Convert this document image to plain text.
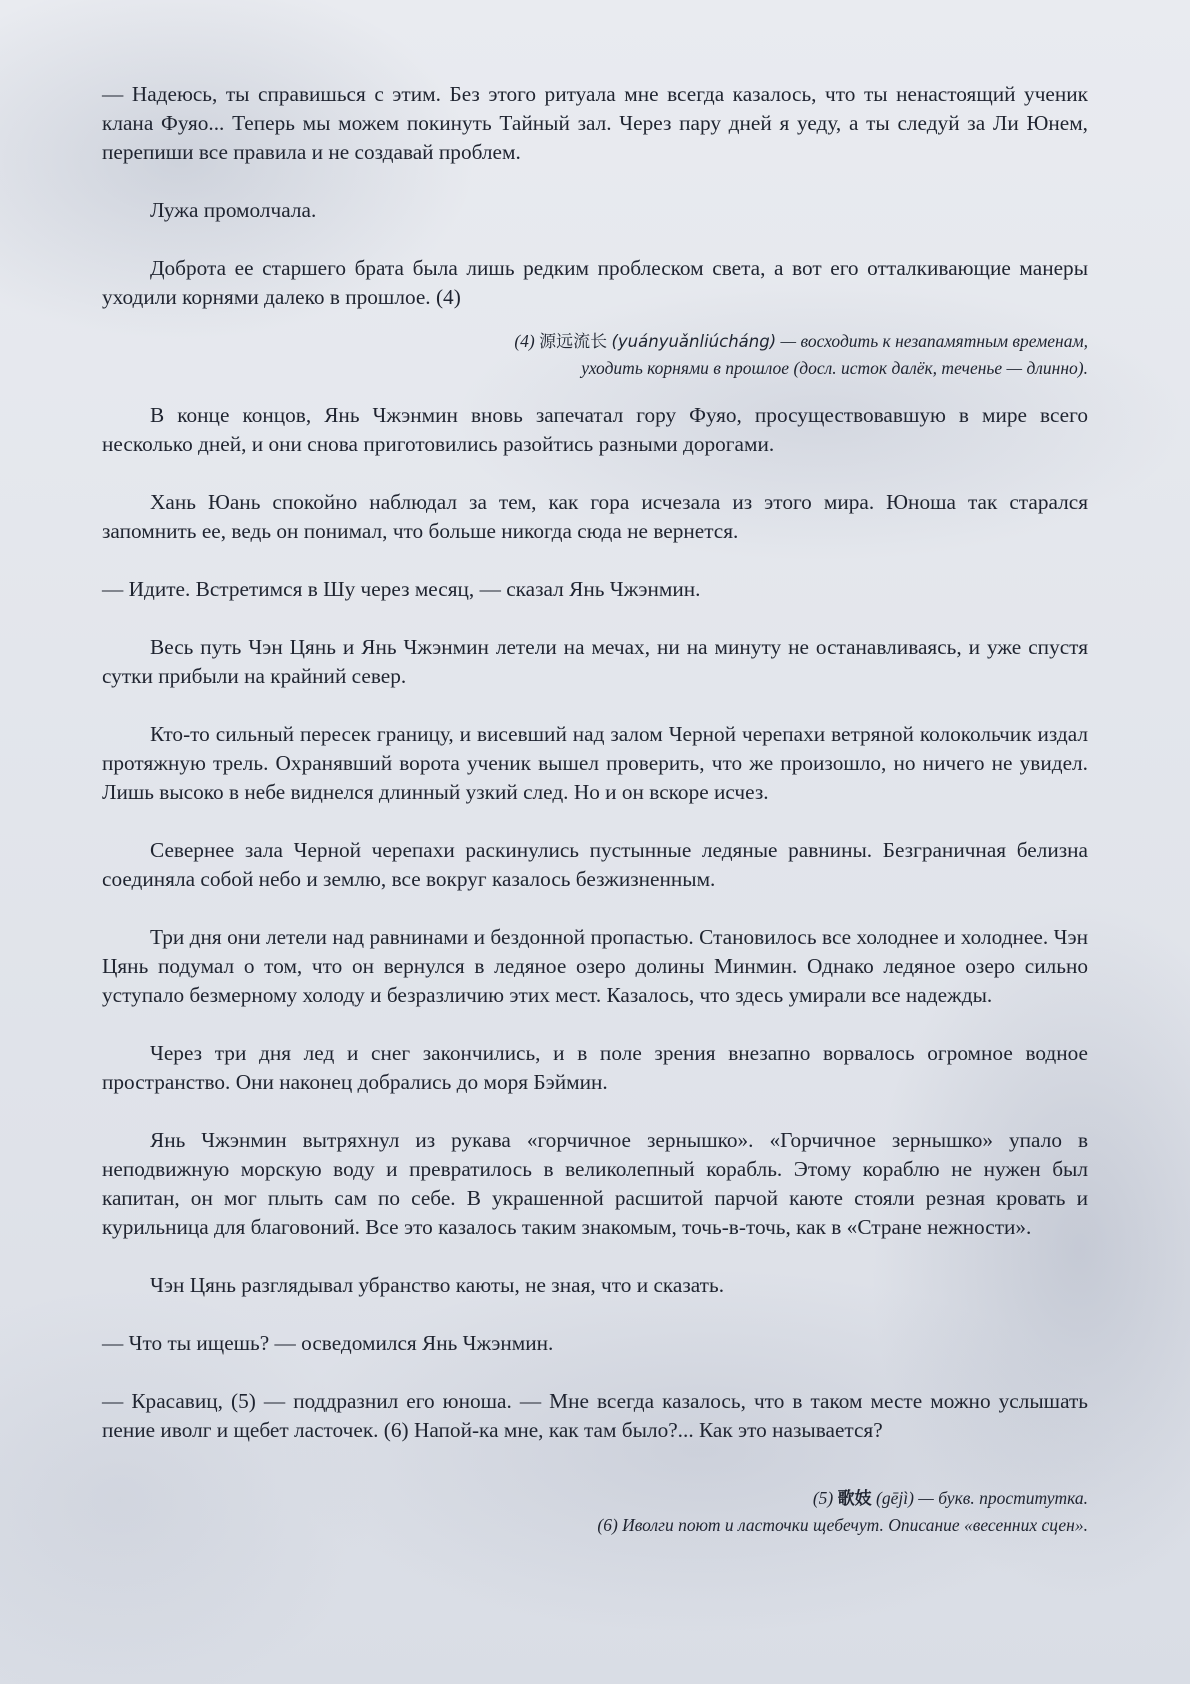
— Надеюсь, ты справишься с этим. Без этого ритуала мне всегда казалось, что ты ненастоящий ученик клана Фуяо... Теперь мы можем покинуть Тайный зал. Через пару дней я уеду, а ты следуй за Ли Юнем, перепиши все правила и не создавай проблем.

Лужа промолчала.

Доброта ее старшего брата была лишь редким проблеском света, а вот его отталкивающие манеры уходили корнями далеко в прошлое. (4)

(4) 源远流长 (yuányuǎnliúcháng) — восходить к незапамятным временам,
уходить корнями в прошлое (досл. исток далёк, теченье — длинно).

В конце концов, Янь Чжэнмин вновь запечатал гору Фуяо, просуществовавшую в мире всего несколько дней, и они снова приготовились разойтись разными дорогами.

Хань Юань спокойно наблюдал за тем, как гора исчезала из этого мира. Юноша так старался запомнить ее, ведь он понимал, что больше никогда сюда не вернется.

— Идите. Встретимся в Шу через месяц, — сказал Янь Чжэнмин.

Весь путь Чэн Цянь и Янь Чжэнмин летели на мечах, ни на минуту не останавливаясь, и уже спустя сутки прибыли на крайний север.

Кто-то сильный пересек границу, и висевший над залом Черной черепахи ветряной колокольчик издал протяжную трель. Охранявший ворота ученик вышел проверить, что же произошло, но ничего не увидел. Лишь высоко в небе виднелся длинный узкий след. Но и он вскоре исчез.

Севернее зала Черной черепахи раскинулись пустынные ледяные равнины. Безграничная белизна соединяла собой небо и землю, все вокруг казалось безжизненным.

Три дня они летели над равнинами и бездонной пропастью. Становилось все холоднее и холоднее. Чэн Цянь подумал о том, что он вернулся в ледяное озеро долины Минмин. Однако ледяное озеро сильно уступало безмерному холоду и безразличию этих мест. Казалось, что здесь умирали все надежды.

Через три дня лед и снег закончились, и в поле зрения внезапно ворвалось огромное водное пространство. Они наконец добрались до моря Бэймин.

Янь Чжэнмин вытряхнул из рукава «горчичное зернышко». «Горчичное зернышко» упало в неподвижную морскую воду и превратилось в великолепный корабль. Этому кораблю не нужен был капитан, он мог плыть сам по себе. В украшенной расшитой парчой каюте стояли резная кровать и курильница для благовоний. Все это казалось таким знакомым, точь-в-точь, как в «Стране нежности».

Чэн Цянь разглядывал убранство каюты, не зная, что и сказать.

— Что ты ищешь? — осведомился Янь Чжэнмин.

— Красавиц, (5) — поддразнил его юноша. — Мне всегда казалось, что в таком месте можно услышать пение иволг и щебет ласточек. (6) Напой-ка мне, как там было?... Как это называется?

(5) 歌妓 (gējì) — букв. проститутка.
(6) Иволги поют и ласточки щебечут. Описание «весенних сцен».
